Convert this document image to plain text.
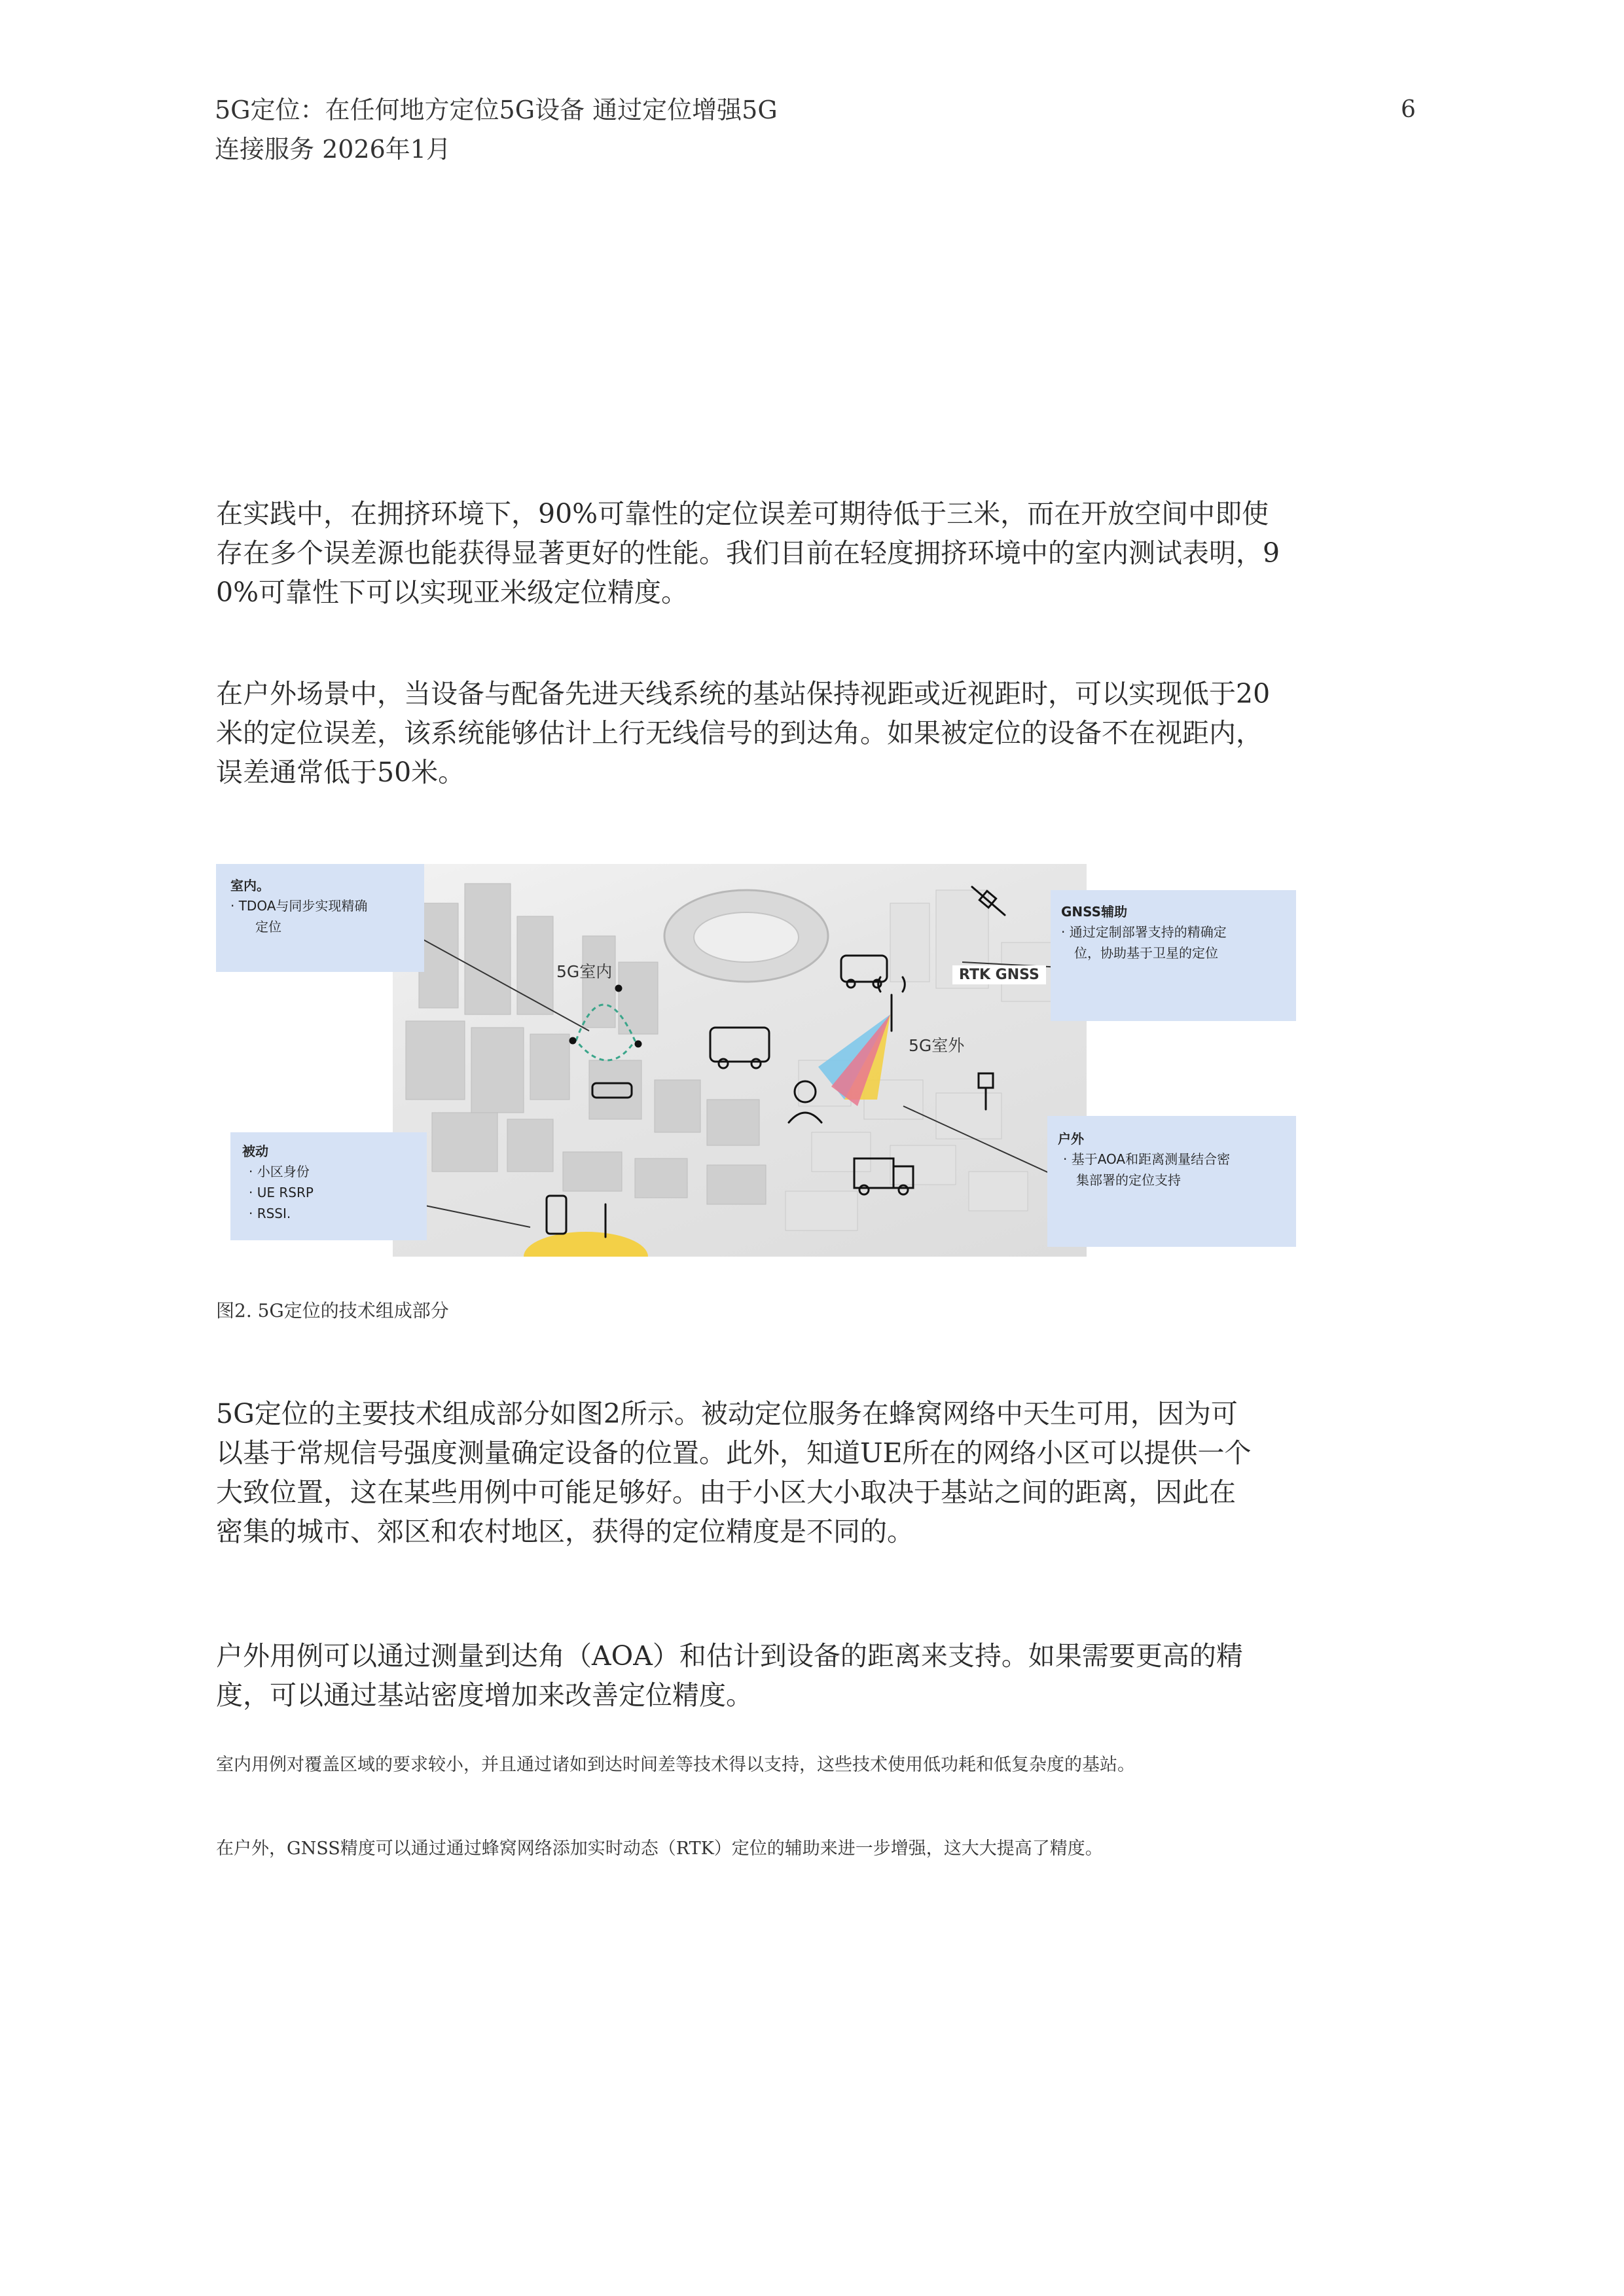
5G定位：在任何地方定位5G设备 通过定位增强5G
连接服务 2026年1月
6
在实践中，在拥挤环境下，90%可靠性的定位误差可期待低于三米，而在开放空间中即使
存在多个误差源也能获得显著更好的性能。我们目前在轻度拥挤环境中的室内测试表明，9
0%可靠性下可以实现亚米级定位精度。
在户外场景中，当设备与配备先进天线系统的基站保持视距或近视距时，可以实现低于20
米的定位误差，该系统能够估计上行无线信号的到达角。如果被定位的设备不在视距内，
误差通常低于50米。
5G室内
5G室外
RTK GNSS
室内。
· TDOA与同步实现精确
定位
GNSS辅助
· 通过定制部署支持的精确定
位，协助基于卫星的定位
被动
· 小区身份
· UE RSRP
· RSSI.
户外
· 基于AOA和距离测量结合密
集部署的定位支持
图2. 5G定位的技术组成部分
5G定位的主要技术组成部分如图2所示。被动定位服务在蜂窝网络中天生可用，因为可
以基于常规信号强度测量确定设备的位置。此外，知道UE所在的网络小区可以提供一个
大致位置，这在某些用例中可能足够好。由于小区大小取决于基站之间的距离，因此在
密集的城市、郊区和农村地区，获得的定位精度是不同的。
户外用例可以通过测量到达角（AOA）和估计到设备的距离来支持。如果需要更高的精
度，可以通过基站密度增加来改善定位精度。
室内用例对覆盖区域的要求较小，并且通过诸如到达时间差等技术得以支持，这些技术使用低功耗和低复杂度的基站。
在户外，GNSS精度可以通过通过蜂窝网络添加实时动态（RTK）定位的辅助来进一步增强，这大大提高了精度。
